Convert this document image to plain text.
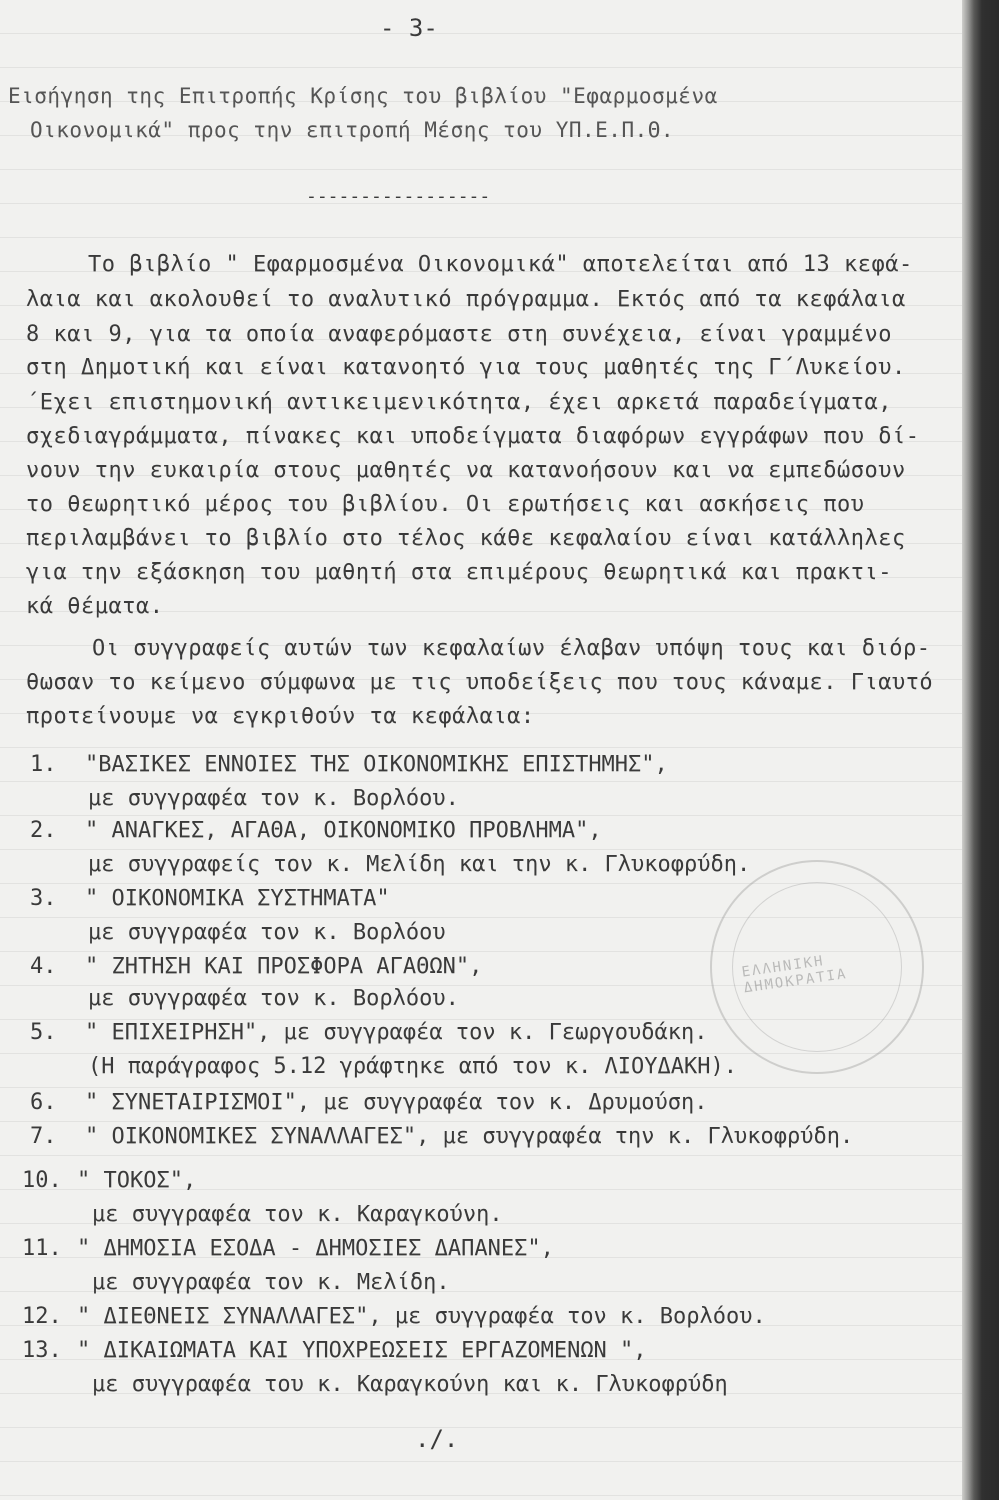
- 3-
Εισήγηση της Επιτροπής Κρίσης του βιβλίου "Εφαρμοσμένα
Οικονομικά" προς την επιτροπή Μέσης του ΥΠ.Ε.Π.Θ.
-----------------
Το βιβλίο " Εφαρμοσμένα Οικονομικά" αποτελείται από 13 κεφά-
λαια και ακολουθεί το αναλυτικό πρόγραμμα. Εκτός από τα κεφάλαια
8 και 9, για τα οποία αναφερόμαστε στη συνέχεια, είναι γραμμένο
στη Δημοτική και είναι κατανοητό για τους μαθητές της Γ΄Λυκείου.
΄Εχει επιστημονική αντικειμενικότητα, έχει αρκετά παραδείγματα,
σχεδιαγράμματα, πίνακες και υποδείγματα διαφόρων εγγράφων που δί-
νουν την ευκαιρία στους μαθητές να κατανοήσουν και να εμπεδώσουν
το θεωρητικό μέρος του βιβλίου. Οι ερωτήσεις και ασκήσεις που
περιλαμβάνει το βιβλίο στο τέλος κάθε κεφαλαίου είναι κατάλληλες
για την εξάσκηση του μαθητή στα επιμέρους θεωρητικά και πρακτι-
κά θέματα.
Οι συγγραφείς αυτών των κεφαλαίων έλαβαν υπόψη τους και διόρ-
θωσαν το κείμενο σύμφωνα με τις υποδείξεις που τους κάναμε. Γιαυτό
προτείνουμε να εγκριθούν τα κεφάλαια:
1. "ΒΑΣΙΚΕΣ ΕΝΝΟΙΕΣ ΤΗΣ ΟΙΚΟΝΟΜΙΚΗΣ ΕΠΙΣΤΗΜΗΣ",
με συγγραφέα τον κ. Βορλόου.
2. " ΑΝΑΓΚΕΣ, ΑΓΑΘΑ, ΟΙΚΟΝΟΜΙΚΟ ΠΡΟΒΛΗΜΑ",
με συγγραφείς τον κ. Μελίδη και την κ. Γλυκοφρύδη.
3. " ΟΙΚΟΝΟΜΙΚΑ ΣΥΣΤΗΜΑΤΑ"
με συγγραφέα τον κ. Βορλόου
4. " ΖΗΤΗΣΗ ΚΑΙ ΠΡΟΣΦΟΡΑ ΑΓΑΘΩΝ",
με συγγραφέα τον κ. Βορλόου.
5. " ΕΠΙΧΕΙΡΗΣΗ", με συγγραφέα τον κ. Γεωργουδάκη.
(Η παράγραφος 5.12 γράφτηκε από τον κ. ΛΙΟΥΔΑΚΗ).
6. " ΣΥΝΕΤΑΙΡΙΣΜΟΙ", με συγγραφέα τον κ. Δρυμούση.
7. " ΟΙΚΟΝΟΜΙΚΕΣ ΣΥΝΑΛΛΑΓΕΣ", με συγγραφέα την κ. Γλυκοφρύδη.
10. " ΤΟΚΟΣ",
με συγγραφέα τον κ. Καραγκούνη.
11. " ΔΗΜΟΣΙΑ ΕΣΟΔΑ - ΔΗΜΟΣΙΕΣ ΔΑΠΑΝΕΣ",
με συγγραφέα τον κ. Μελίδη.
12. " ΔΙΕΘΝΕΙΣ ΣΥΝΑΛΛΑΓΕΣ", με συγγραφέα τον κ. Βορλόου.
13. " ΔΙΚΑΙΩΜΑΤΑ ΚΑΙ ΥΠΟΧΡΕΩΣΕΙΣ ΕΡΓΑΖΟΜΕΝΩΝ ",
με συγγραφέα του κ. Καραγκούνη και κ. Γλυκοφρύδη
ΕΛΛΗΝΙΚΗ ΔΗΜΟΚΡΑΤΙΑ
./.
